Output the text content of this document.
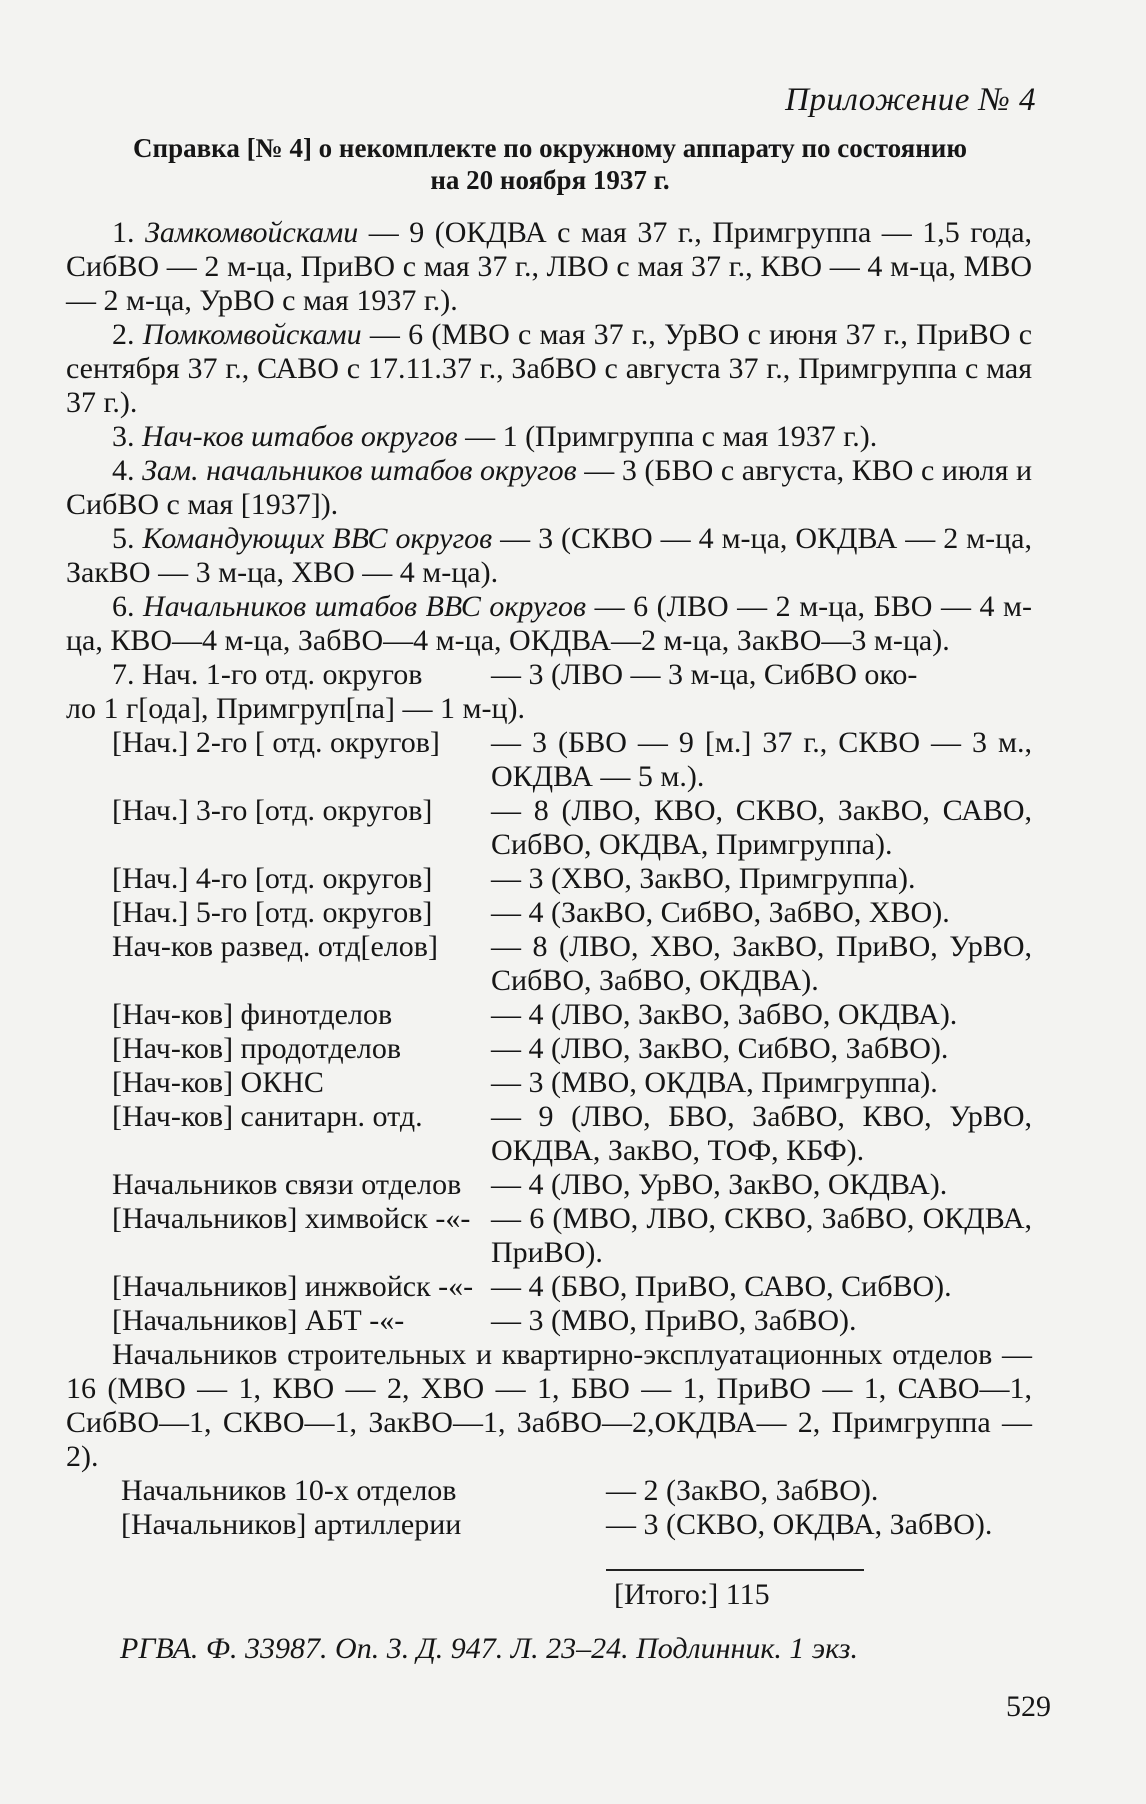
Приложение № 4
Справка [№ 4] о некомплекте по окружному аппарату по состоянию
на 20 ноября 1937 г.

1. Замкомвойсками — 9 (ОКДВА с мая 37 г., Примгруппа — 1,5 года, СибВО — 2 м-ца, ПриВО с мая 37 г., ЛВО с мая 37 г., КВО — 4 м-ца, МВО — 2 м-ца, УрВО с мая 1937 г.).

2. Помкомвойсками — 6 (МВО с мая 37 г., УрВО с июня 37 г., ПриВО с сентября 37 г., САВО с 17.11.37 г., ЗабВО с августа 37 г., Примгруппа с мая 37 г.).

3. Нач-ков штабов округов — 1 (Примгруппа с мая 1937 г.).

4. Зам. начальников штабов округов — 3 (БВО с августа, КВО с июля и СибВО с мая [1937]).

5. Командующих ВВС округов — 3 (СКВО — 4 м-ца, ОКДВА — 2 м-ца, ЗакВО — 3 м-ца, ХВО — 4 м-ца).

6. Начальников штабов ВВС округов — 6 (ЛВО — 2 м-ца, БВО — 4 м-ца, КВО—4 м-ца, ЗабВО—4 м-ца, ОКДВА—2 м-ца, ЗакВО—3 м-ца).

7. Нач. 1-го отд. округов	— 3 (ЛВО — 3 м-ца, СибВО око-
ло 1 г[ода], Примгруп[па] — 1 м-ц).
[Нач.] 2-го [ отд. округов]	— 3 (БВО — 9 [м.] 37 г., СКВО — 3 м., ОКДВА — 5 м.).
[Нач.] 3-го [отд. округов]	— 8 (ЛВО, КВО, СКВО, ЗакВО, САВО, СибВО, ОКДВА, Примгруппа).
[Нач.] 4-го [отд. округов]	— 3 (ХВО, ЗакВО, Примгруппа).
[Нач.] 5-го [отд. округов]	— 4 (ЗакВО, СибВО, ЗабВО, ХВО).
Нач-ков развед. отд[елов]	— 8 (ЛВО, ХВО, ЗакВО, ПриВО, УрВО, СибВО, ЗабВО, ОКДВА).
[Нач-ков] финотделов	— 4 (ЛВО, ЗакВО, ЗабВО, ОКДВА).
[Нач-ков] продотделов	— 4 (ЛВО, ЗакВО, СибВО, ЗабВО).
[Нач-ков] ОКНС	— 3 (МВО, ОКДВА, Примгруппа).
[Нач-ков] санитарн. отд.	— 9 (ЛВО, БВО, ЗабВО, КВО, УрВО, ОКДВА, ЗакВО, ТОФ, КБФ).
Начальников связи отделов — 4 (ЛВО, УрВО, ЗакВО, ОКДВА).
[Начальников] химвойск -«- — 6 (МВО, ЛВО, СКВО, ЗабВО, ОКДВА, ПриВО).
[Начальников] инжвойск -«- — 4 (БВО, ПриВО, САВО, СибВО).
[Начальников] АБТ -«-	— 3 (МВО, ПриВО, ЗабВО).

Начальников строительных и квартирно-эксплуатационных отделов — 16 (МВО — 1, КВО — 2, ХВО — 1, БВО — 1, ПриВО — 1, САВО—1, СибВО—1, СКВО—1, ЗакВО—1, ЗабВО—2,ОКДВА— 2, Примгруппа — 2).

Начальников 10-х отделов	— 2 (ЗакВО, ЗабВО).
[Начальников] артиллерии	— 3 (СКВО, ОКДВА, ЗабВО).
[Итого:] 115
РГВА. Ф. 33987. Оп. 3. Д. 947. Л. 23–24. Подлинник. 1 экз.
529
